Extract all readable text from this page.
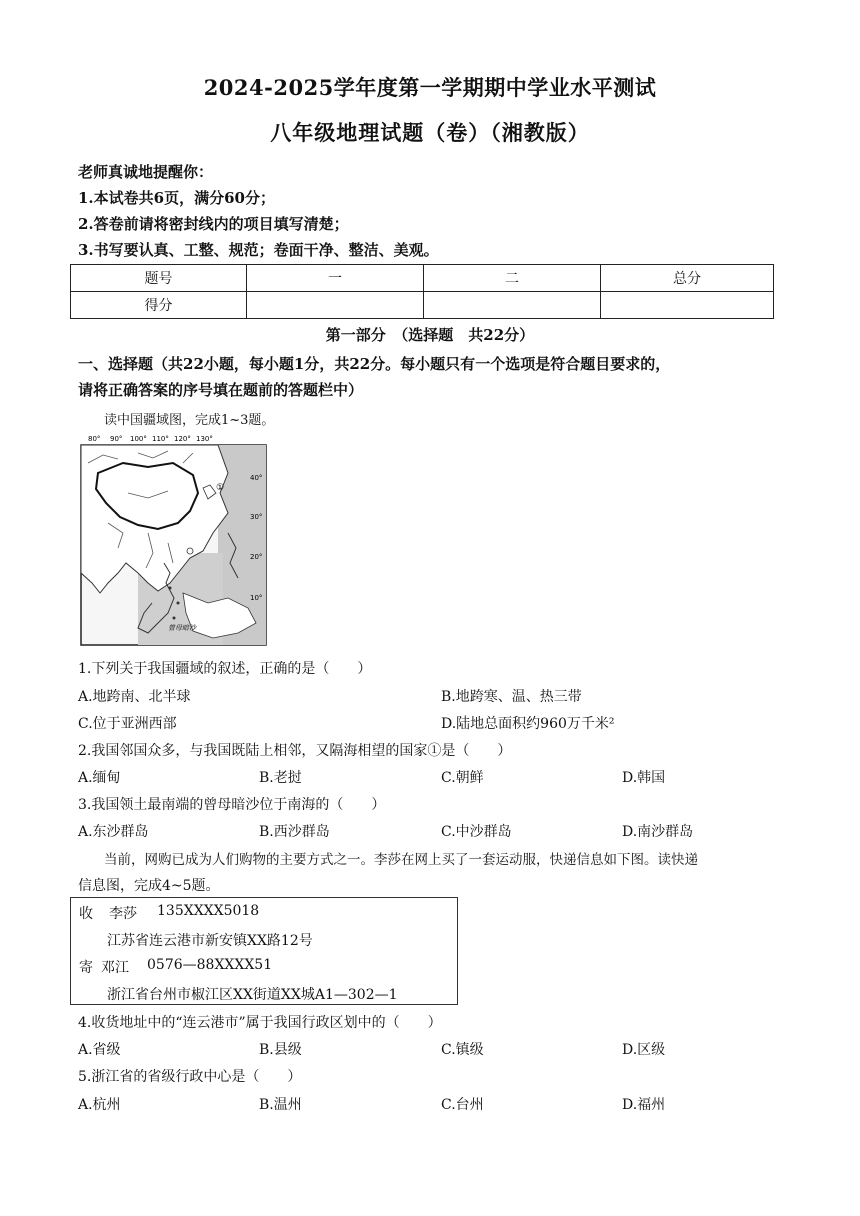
2024-2025学年度第一学期期中学业水平测试
八年级地理试题（卷）（湘教版）
老师真诚地提醒你：
1.本试卷共6页，满分60分；
2.答卷前请将密封线内的项目填写清楚；
3.书写要认真、工整、规范；卷面干净、整洁、美观。
题号	一	二	总分
得分			
第一部分　（选择题　共22分）
一、选择题（共22小题，每小题1分，共22分。每小题只有一个选项是符合题目要求的，
请将正确答案的序号填在题前的答题栏中）
读中国疆域图，完成1~3题。
80° 90° 100° 110° 120° 130°
①
曾母暗沙
40°
30°
20°
10°
1.下列关于我国疆域的叙述，正确的是（　　）
A.地跨南、北半球	B.地跨寒、温、热三带
C.位于亚洲西部	D.陆地总面积约960万千米²
2.我国邻国众多，与我国既陆上相邻，又隔海相望的国家①是（　　）
A.缅甸	B.老挝	C.朝鲜	D.韩国
3.我国领土最南端的曾母暗沙位于南海的（　　）
A.东沙群岛	B.西沙群岛	C.中沙群岛	D.南沙群岛
当前，网购已成为人们购物的主要方式之一。李莎在网上买了一套运动服，快递信息如下图。读快递
信息图，完成4~5题。
收 李莎 135XXXX5018
江苏省连云港市新安镇XX路12号
寄 邓江 0576—88XXXX51
浙江省台州市椒江区XX街道XX城A1—302—1
4.收货地址中的“连云港市”属于我国行政区划中的（　　）
A.省级	B.县级	C.镇级	D.区级
5.浙江省的省级行政中心是（　　）
A.杭州	B.温州	C.台州	D.福州
